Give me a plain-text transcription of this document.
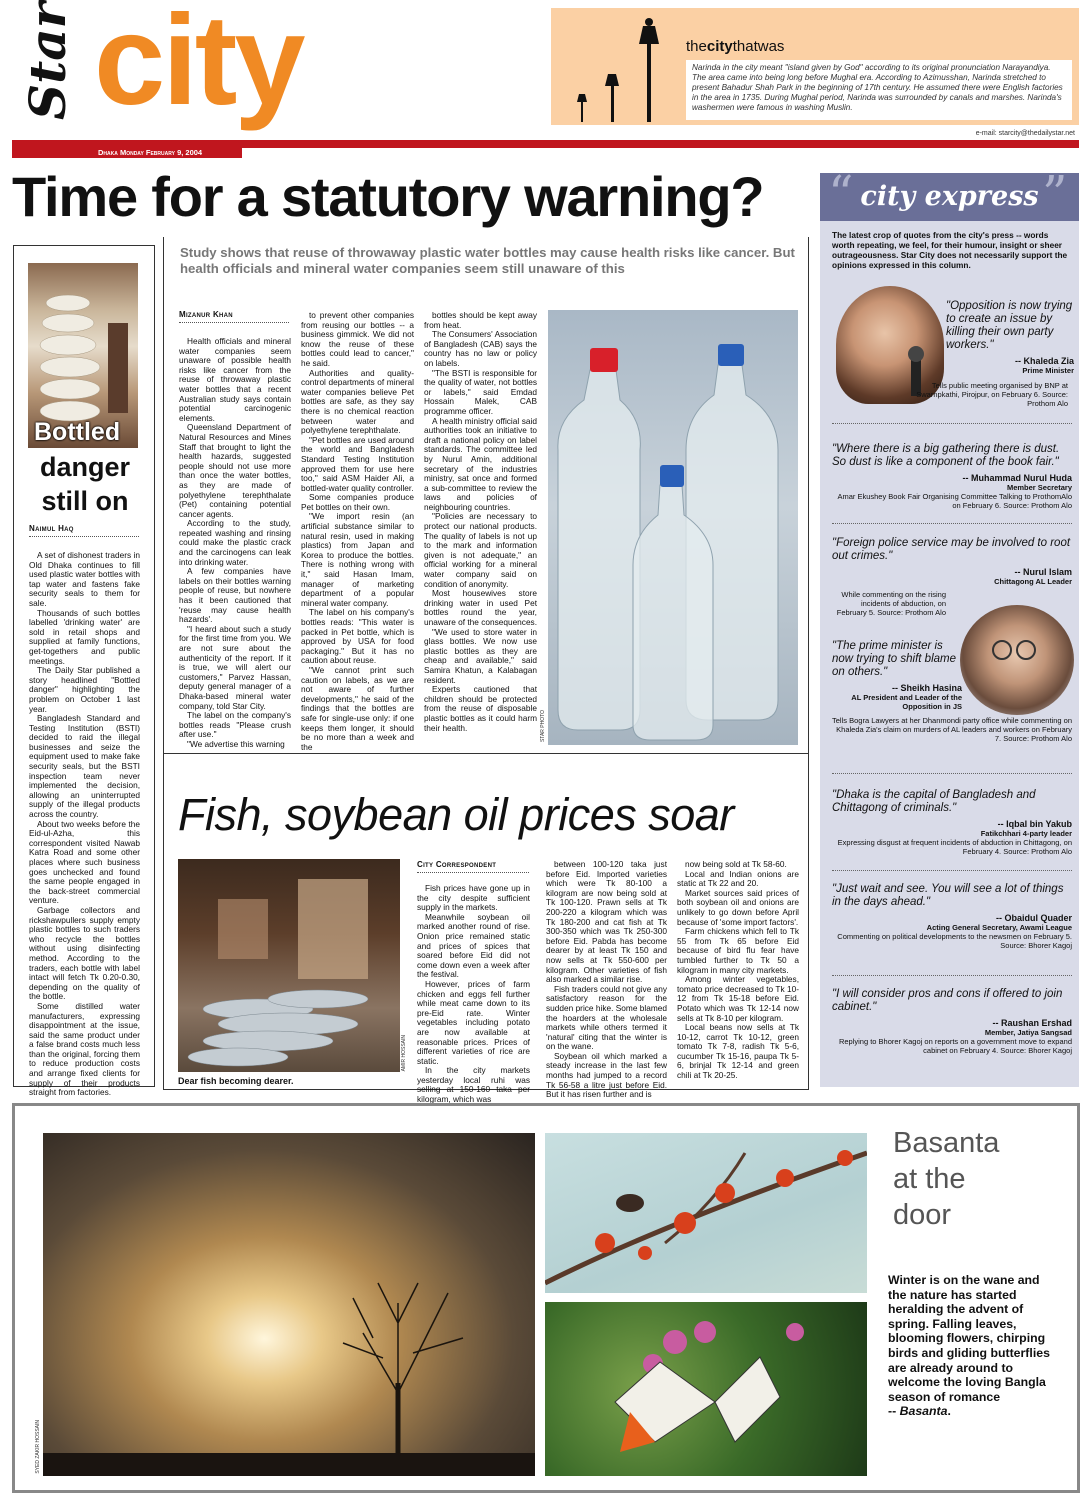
Star city	thecitythatwas
Narinda in the city meant "island given by God" according to its original pronunciation Narayandiya. The area came into being long before Mughal era. According to Azimusshan, Narinda stretched to present Bahadur Shah Park in the beginning of 17th century. He assumed there were English factories in the area in 1735. During Mughal period, Narinda was surrounded by canals and marshes. Narinda's washermen were famous in washing Muslin.
e-mail: starcity@thedailystar.net
Dhaka Monday February 9, 2004
Time for a statutory warning?
Bottled
danger still on
Naimul Haq

A set of dishonest traders in Old Dhaka continues to fill used plastic water bottles with tap water and fastens fake security seals to them for sale.

Thousands of such bottles labelled 'drinking water' are sold in retail shops and supplied at family functions, get-togethers and public meetings.

The Daily Star published a story headlined "Bottled danger" highlighting the problem on October 1 last year.

Bangladesh Standard and Testing Institution (BSTI) decided to raid the illegal businesses and seize the equipment used to make fake security seals, but the BSTI inspection team never implemented the decision, allowing an uninterrupted supply of the illegal products across the country.

About two weeks before the Eid-ul-Azha, this correspondent visited Nawab Katra Road and some other places where such business goes unchecked and found the same people engaged in the back-street commercial venture.

Garbage collectors and rickshawpullers supply empty plastic bottles to such traders who recycle the bottles without using disinfecting method. According to the traders, each bottle with label intact will fetch Tk 0.20-0.30, depending on the quality of the bottle.

Some distilled water manufacturers, expressing disappointment at the issue, said the same product under a false brand costs much less than the original, forcing them to reduce production costs and arrange fixed clients for supply of their products straight from factories.

Study shows that reuse of throwaway plastic water bottles may cause health risks like cancer. But health officials and mineral water companies seem still unaware of this
Mizanur Khan

Health officials and mineral water companies seem unaware of possible health risks like cancer from the reuse of throwaway plastic water bottles that a recent Australian study says contain potential carcinogenic elements.

Queensland Department of Natural Resources and Mines Staff that brought to light the health hazards, suggested people should not use more than once the water bottles, as they are made of polyethylene terephthalate (Pet) containing potential cancer agents.

According to the study, repeated washing and rinsing could make the plastic crack and the carcinogens can leak into drinking water.

A few companies have labels on their bottles warning people of reuse, but nowhere has it been cautioned that 'reuse may cause health hazards'.

"I heard about such a study for the first time from you. We are not sure about the authenticity of the report. If it is true, we will alert our customers," Parvez Hassan, deputy general manager of a Dhaka-based mineral water company, told Star City.

The label on the company's bottles reads "Please crush after use."

"We advertise this warning

to prevent other companies from reusing our bottles -- a business gimmick. We did not know the reuse of these bottles could lead to cancer," he said.

Authorities and quality-control departments of mineral water companies believe Pet bottles are safe, as they say there is no chemical reaction between water and polyethylene terephthalate.

"Pet bottles are used around the world and Bangladesh Standard Testing Institution approved them for use here too," said ASM Haider Ali, a bottled-water quality controller.

Some companies produce Pet bottles on their own.

"We import resin (an artificial substance similar to natural resin, used in making plastics) from Japan and Korea to produce the bottles. There is nothing wrong with it," said Hasan Imam, manager of marketing department of a popular mineral water company.

The label on his company's bottles reads: "This water is packed in Pet bottle, which is approved by USA for food packaging." But it has no caution about reuse.

"We cannot print such caution on labels, as we are not aware of further developments," he said of the findings that the bottles are safe for single-use only: if one keeps them longer, it should be no more than a week and the

bottles should be kept away from heat.

The Consumers' Association of Bangladesh (CAB) says the country has no law or policy on labels.

"The BSTI is responsible for the quality of water, not bottles or labels," said Emdad Hossain Malek, CAB programme officer.

A health ministry official said authorities took an initiative to draft a national policy on label standards. The committee led by Nurul Amin, additional secretary of the industries ministry, sat once and formed a sub-committee to review the laws and policies of neighbouring countries.

"Policies are necessary to protect our national products. The quality of labels is not up to the mark and information given is not adequate," an official working for a mineral water company said on condition of anonymity.

Most housewives store drinking water in used Pet bottles round the year, unaware of the consequences.

"We used to store water in glass bottles. We now use plastic bottles as they are cheap and available," said Samira Khatun, a Kalabagan resident.

Experts cautioned that children should be protected from the reuse of disposable plastic bottles as it could harm their health.	STAR PHOTO
Fish, soybean oil prices soar
AMIR HOSSAIN
Dear fish becoming dearer.
City Correspondent

Fish prices have gone up in the city despite sufficient supply in the markets.

Meanwhile soybean oil marked another round of rise. Onion price remained static and prices of spices that soared before Eid did not come down even a week after the festival.

However, prices of farm chicken and eggs fell further while meat came down to its pre-Eid rate. Winter vegetables including potato are now available at reasonable prices. Prices of different varieties of rice are static.

In the city markets yesterday local ruhi was selling at 150-160 taka per kilogram, which was

between 100-120 taka just before Eid. Imported varieties which were Tk 80-100 a kilogram are now being sold at Tk 100-120. Prawn sells at Tk 200-220 a kilogram which was Tk 180-200 and cat fish at Tk 300-350 which was Tk 250-300 before Eid. Pabda has become dearer by at least Tk 150 and now sells at Tk 550-600 per kilogram. Other varieties of fish also marked a similar rise.

Fish traders could not give any satisfactory reason for the sudden price hike. Some blamed the hoarders at the wholesale markets while others termed it 'natural' citing that the winter is on the wane.

Soybean oil which marked a steady increase in the last few months had jumped to a record Tk 56-58 a litre just before Eid. But it has risen further and is

now being sold at Tk 58-60.

Local and Indian onions are static at Tk 22 and 20.

Market sources said prices of both soybean oil and onions are unlikely to go down before April because of 'some import factors'.

Farm chickens which fell to Tk 55 from Tk 65 before Eid because of bird flu fear have tumbled further to Tk 50 a kilogram in many city markets.

Among winter vegetables, tomato price decreased to Tk 10-12 from Tk 15-18 before Eid. Potato which was Tk 12-14 now sells at Tk 8-10 per kilogram.

Local beans now sells at Tk 10-12, carrot Tk 10-12, green tomato Tk 7-8, radish Tk 5-6, cucumber Tk 15-16, paupa Tk 5-6, brinjal Tk 12-14 and green chili at Tk 20-25.

“	”
city express
The latest crop of quotes from the city's press -- words worth repeating, we feel, for their humour, insight or sheer outrageousness. Star City does not necessarily support the opinions expressed in this column.
"Opposition is now trying to create an issue by killing their own party workers."
-- Khaleda Zia
Prime Minister
Tells public meeting organised by BNP at Swarnpkathi, Pirojpur, on February 6. Source: Prothom Alo
"Where there is a big gathering there is dust. So dust is like a component of the book fair."
-- Muhammad Nurul Huda
Member Secretary
Amar Ekushey Book Fair Organising Committee Talking to ProthomAlo on February 6. Source: Prothom Alo
"Foreign police service may be involved to root out crimes."
-- Nurul Islam
Chittagong AL Leader
While commenting on the rising incidents of abduction, on February 5. Source: Prothom Alo
"The prime minister is now trying to shift blame on others."
-- Sheikh Hasina
AL President and Leader of the Opposition in JS
Tells Bogra Lawyers at her Dhanmondi party office while commenting on Khaleda Zia's claim on murders of AL leaders and workers on February 7. Source: Prothom Alo
"Dhaka is the capital of Bangladesh and Chittagong of criminals."
-- Iqbal bin Yakub
Fatikchhari 4-party leader
Expressing disgust at frequent incidents of abduction in Chittagong, on February 4. Source: Prothom Alo
"Just wait and see. You will see a lot of things in the days ahead."
-- Obaidul Quader
Acting General Secretary, Awami League
Commenting on political developments to the newsmen on February 5. Source: Bhorer Kagoj
"I will consider pros and cons if offered to join cabinet."
-- Raushan Ershad
Member, Jatiya Sangsad
Replying to Bhorer Kagoj on reports on a government move to expand cabinet on February 4. Source: Bhorer Kagoj
SYED ZAKIR HOSSAIN
Basanta
at the
door
Winter is on the wane and the nature has started heralding the advent of spring. Falling leaves, blooming flowers, chirping birds and gliding butterflies are already around to welcome the loving Bangla season of romance
-- Basanta.
